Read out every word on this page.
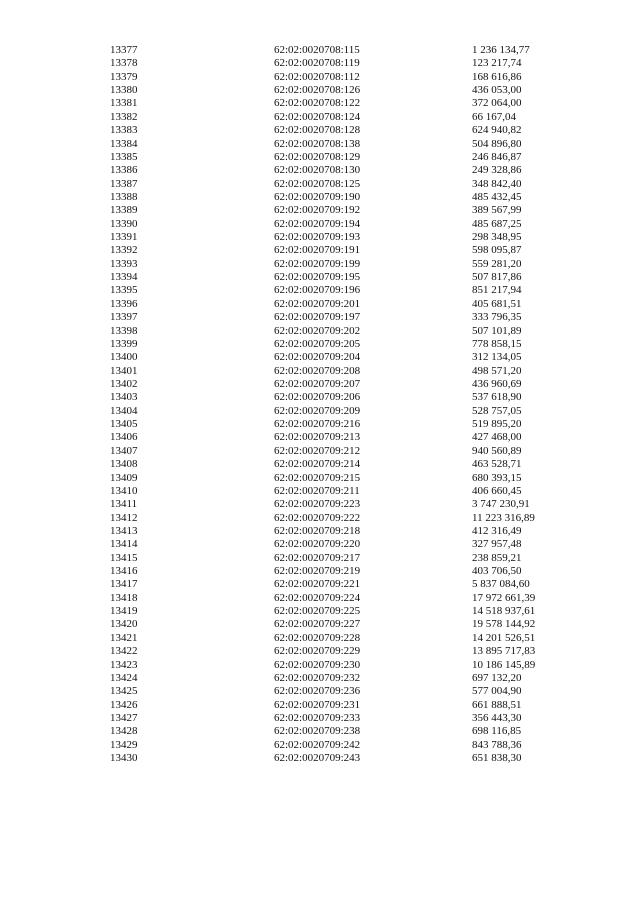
13377	62:02:0020708:115	1 236 134,77
13378	62:02:0020708:119	123 217,74
13379	62:02:0020708:112	168 616,86
13380	62:02:0020708:126	436 053,00
13381	62:02:0020708:122	372 064,00
13382	62:02:0020708:124	66 167,04
13383	62:02:0020708:128	624 940,82
13384	62:02:0020708:138	504 896,80
13385	62:02:0020708:129	246 846,87
13386	62:02:0020708:130	249 328,86
13387	62:02:0020708:125	348 842,40
13388	62:02:0020709:190	485 432,45
13389	62:02:0020709:192	389 567,99
13390	62:02:0020709:194	485 687,25
13391	62:02:0020709:193	298 348,95
13392	62:02:0020709:191	598 095,87
13393	62:02:0020709:199	559 281,20
13394	62:02:0020709:195	507 817,86
13395	62:02:0020709:196	851 217,94
13396	62:02:0020709:201	405 681,51
13397	62:02:0020709:197	333 796,35
13398	62:02:0020709:202	507 101,89
13399	62:02:0020709:205	778 858,15
13400	62:02:0020709:204	312 134,05
13401	62:02:0020709:208	498 571,20
13402	62:02:0020709:207	436 960,69
13403	62:02:0020709:206	537 618,90
13404	62:02:0020709:209	528 757,05
13405	62:02:0020709:216	519 895,20
13406	62:02:0020709:213	427 468,00
13407	62:02:0020709:212	940 560,89
13408	62:02:0020709:214	463 528,71
13409	62:02:0020709:215	680 393,15
13410	62:02:0020709:211	406 660,45
13411	62:02:0020709:223	3 747 230,91
13412	62:02:0020709:222	11 223 316,89
13413	62:02:0020709:218	412 316,49
13414	62:02:0020709:220	327 957,48
13415	62:02:0020709:217	238 859,21
13416	62:02:0020709:219	403 706,50
13417	62:02:0020709:221	5 837 084,60
13418	62:02:0020709:224	17 972 661,39
13419	62:02:0020709:225	14 518 937,61
13420	62:02:0020709:227	19 578 144,92
13421	62:02:0020709:228	14 201 526,51
13422	62:02:0020709:229	13 895 717,83
13423	62:02:0020709:230	10 186 145,89
13424	62:02:0020709:232	697 132,20
13425	62:02:0020709:236	577 004,90
13426	62:02:0020709:231	661 888,51
13427	62:02:0020709:233	356 443,30
13428	62:02:0020709:238	698 116,85
13429	62:02:0020709:242	843 788,36
13430	62:02:0020709:243	651 838,30
